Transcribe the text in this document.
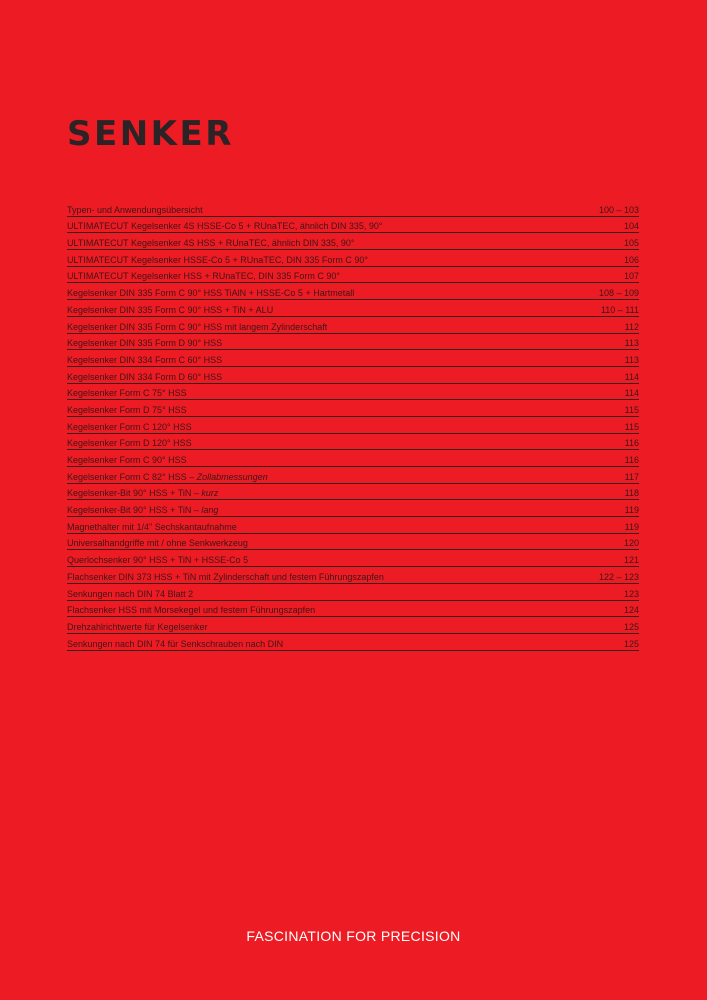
SENKER
Typen- und Anwendungsübersicht	100 – 103
ULTIMATECUT Kegelsenker 4S HSSE-Co 5 + RUnaTEC, ähnlich DIN 335, 90°	104
ULTIMATECUT Kegelsenker 4S HSS + RUnaTEC, ähnlich DIN 335, 90°	105
ULTIMATECUT Kegelsenker HSSE-Co 5 + RUnaTEC, DIN 335 Form C 90°	106
ULTIMATECUT Kegelsenker HSS + RUnaTEC, DIN 335 Form C 90°	107
Kegelsenker DIN 335 Form C 90° HSS TiAlN + HSSE-Co 5 + Hartmetall	108 – 109
Kegelsenker DIN 335 Form C 90° HSS + TiN + ALU	110 – 111
Kegelsenker DIN 335 Form C 90° HSS mit langem Zylinderschaft	112
Kegelsenker DIN 335 Form D 90° HSS	113
Kegelsenker DIN 334 Form C 60° HSS	113
Kegelsenker DIN 334 Form D 60° HSS	114
Kegelsenker Form C 75° HSS	114
Kegelsenker Form D 75° HSS	115
Kegelsenker Form C 120° HSS	115
Kegelsenker Form D 120° HSS	116
Kegelsenker Form C 90° HSS	116
Kegelsenker Form C 82° HSS – Zollabmessungen	117
Kegelsenker-Bit 90° HSS + TiN – kurz	118
Kegelsenker-Bit 90° HSS + TiN – lang	119
Magnethalter mit 1/4" Sechskantaufnahme	119
Universalhandgriffe mit / ohne Senkwerkzeug	120
Querlochsenker 90° HSS + TiN + HSSE-Co 5	121
Flachsenker DIN 373 HSS + TiN mit Zylinderschaft und festem Führungszapfen	122 – 123
Senkungen nach DIN 74 Blatt 2	123
Flachsenker HSS mit Morsekegel und festem Führungszapfen	124
Drehzahlrichtwerte für Kegelsenker	125
Senkungen nach DIN 74 für Senkschrauben nach DIN	125
FASCINATION FOR PRECISION
